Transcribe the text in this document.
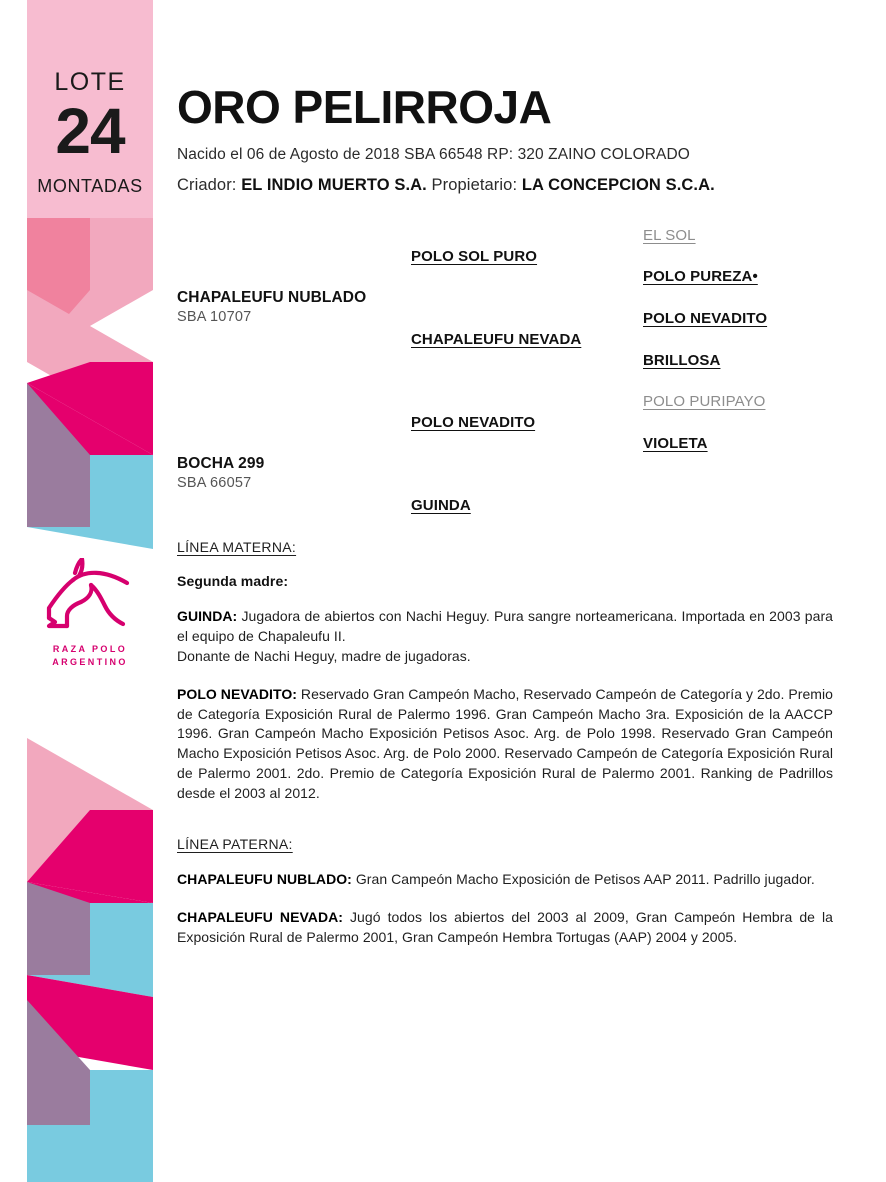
LOTE
24
MONTADAS
RAZA POLO
ARGENTINO
ORO PELIRROJA
Nacido el 06 de Agosto de 2018 SBA 66548 RP: 320 ZAINO COLORADO
Criador: EL INDIO MUERTO S.A. Propietario: LA CONCEPCION S.C.A.
EL SOL
POLO PUREZA•
POLO NEVADITO
BRILLOSA
POLO PURIPAYO
VIOLETA
POLO SOL PURO
CHAPALEUFU NEVADA
POLO NEVADITO
GUINDA
CHAPALEUFU NUBLADO
SBA 10707
BOCHA 299
SBA 66057
LÍNEA MATERNA:
Segunda madre:
GUINDA: Jugadora de abiertos con Nachi Heguy. Pura sangre norteamericana. Importada en 2003 para el equipo de Chapaleufu II.
Donante de Nachi Heguy, madre de jugadoras.
POLO NEVADITO: Reservado Gran Campeón Macho, Reservado Campeón de Categoría y 2do. Premio de Categoría Exposición Rural de Palermo 1996. Gran Campeón Macho 3ra. Exposición de la AACCP 1996. Gran Campeón Macho Exposición Petisos Asoc. Arg. de Polo 1998. Reservado Gran Campeón Macho Exposición Petisos Asoc. Arg. de Polo 2000. Reservado Campeón de Categoría Exposición Rural de Palermo 2001. 2do. Premio de Categoría Exposición Rural de Palermo 2001. Ranking de Padrillos desde el 2003 al 2012.
LÍNEA PATERNA:
CHAPALEUFU NUBLADO: Gran Campeón Macho Exposición de Petisos AAP 2011. Padrillo jugador.
CHAPALEUFU NEVADA: Jugó todos los abiertos del 2003 al 2009, Gran Campeón Hembra de la Exposición Rural de Palermo 2001, Gran Campeón Hembra Tortugas (AAP) 2004 y 2005.
